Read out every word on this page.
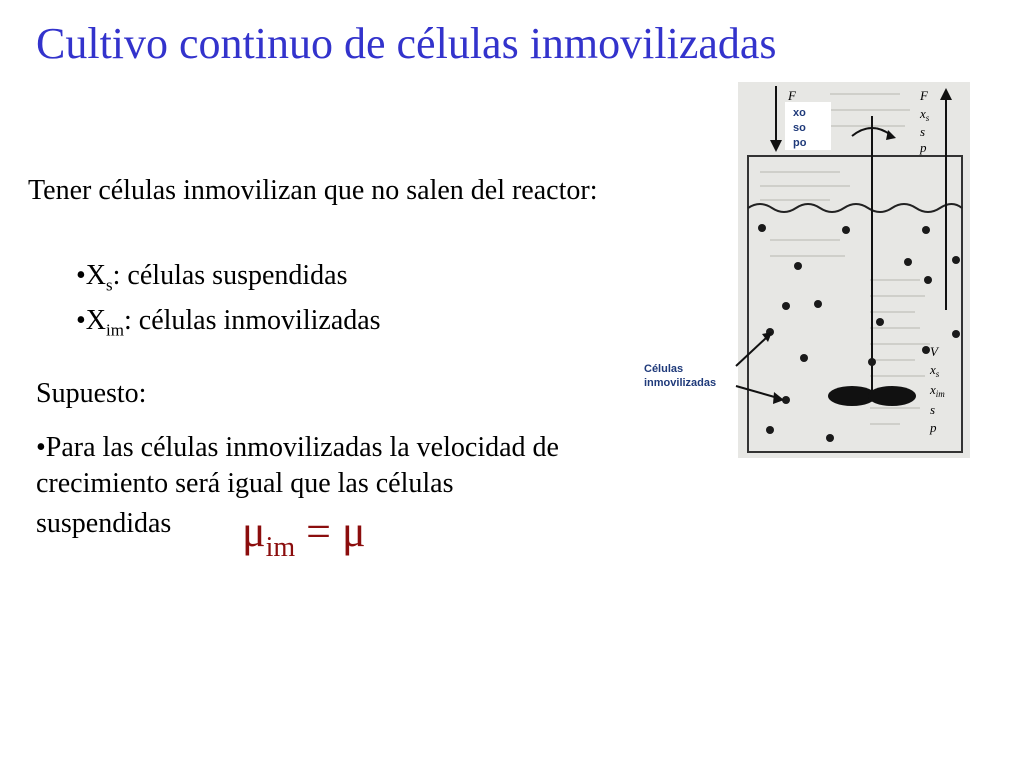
Cultivo continuo de células inmovilizadas
Tener células inmovilizan que no salen del reactor:
$•X_s$: células suspendidas
$•X_{im}$: células inmovilizadas
Supuesto:
•Para las células inmovilizadas la velocidad de crecimiento será igual que las células
suspendidas $\mu_{im} = \mu$
F
xo
so
po
F
$x_s$
s
p
V
$x_s$
$x_{im}$
s
p
Células
inmovilizadas
